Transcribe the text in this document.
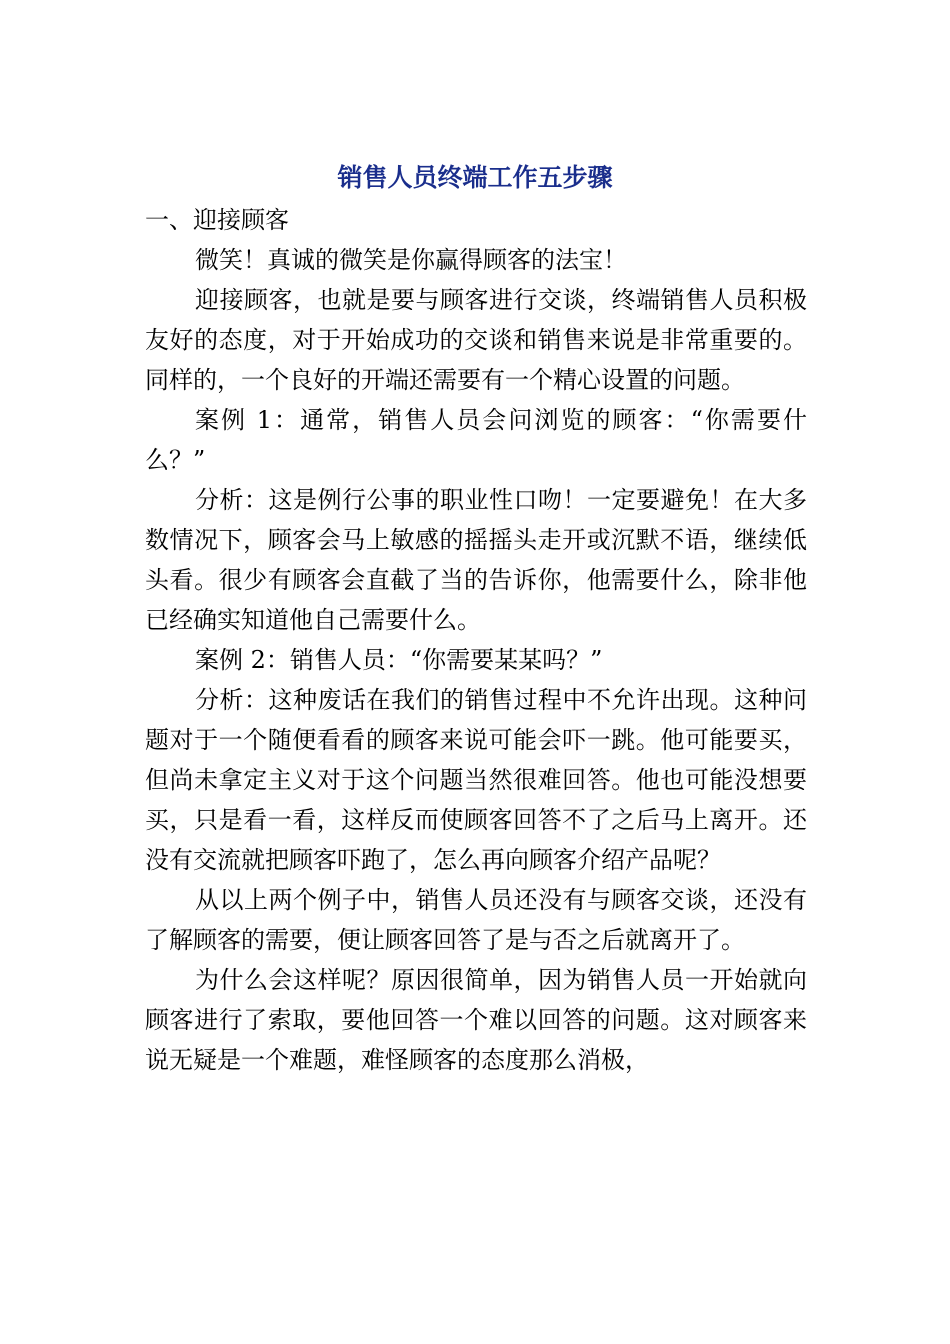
销售人员终端工作五步骤

一、迎接顾客

微笑！真诚的微笑是你赢得顾客的法宝！

迎接顾客，也就是要与顾客进行交谈，终端销售人员积极友好的态度，对于开始成功的交谈和销售来说是非常重要的。同样的，一个良好的开端还需要有一个精心设置的问题。

案例 1：通常，销售人员会问浏览的顾客：“你需要什么？”

分析：这是例行公事的职业性口吻！一定要避免！在大多数情况下，顾客会马上敏感的摇摇头走开或沉默不语，继续低头看。很少有顾客会直截了当的告诉你，他需要什么，除非他已经确实知道他自己需要什么。

案例 2：销售人员：“你需要某某吗？”

分析：这种废话在我们的销售过程中不允许出现。这种问题对于一个随便看看的顾客来说可能会吓一跳。他可能要买，但尚未拿定主义对于这个问题当然很难回答。他也可能没想要买，只是看一看，这样反而使顾客回答不了之后马上离开。还没有交流就把顾客吓跑了，怎么再向顾客介绍产品呢？

从以上两个例子中，销售人员还没有与顾客交谈，还没有了解顾客的需要，便让顾客回答了是与否之后就离开了。

为什么会这样呢？原因很简单，因为销售人员一开始就向顾客进行了索取，要他回答一个难以回答的问题。这对顾客来说无疑是一个难题，难怪顾客的态度那么消极，
